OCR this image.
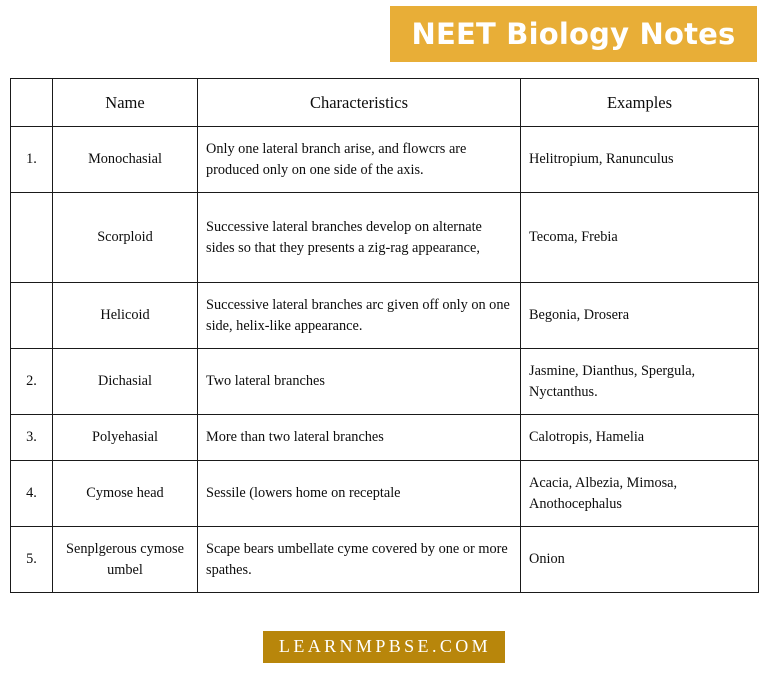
NEET Biology Notes
	Name	Characteristics	Examples
1.	Monochasial	Only one lateral branch arise, and flowcrs are produced only on one side of the axis.	Helitropium, Ranunculus
	Scorploid	Successive lateral branches develop on alternate sides so that they presents a zig-rag appearance,	Tecoma, Frebia
	Helicoid	Successive lateral branches arc given off only on one side, helix-like appearance.	Begonia, Drosera
2.	Dichasial	Two lateral branches	Jasmine, Dianthus, Spergula, Nyctanthus.
3.	Polyehasial	More than two lateral branches	Calotropis, Hamelia
4.	Cymose head	Sessile (lowers home on receptale	Acacia, Albezia, Mimosa, Anothocephalus
5.	Senplgerous cymose umbel	Scape bears umbellate cyme covered by one or more spathes.	Onion
LEARNMPBSE.COM
